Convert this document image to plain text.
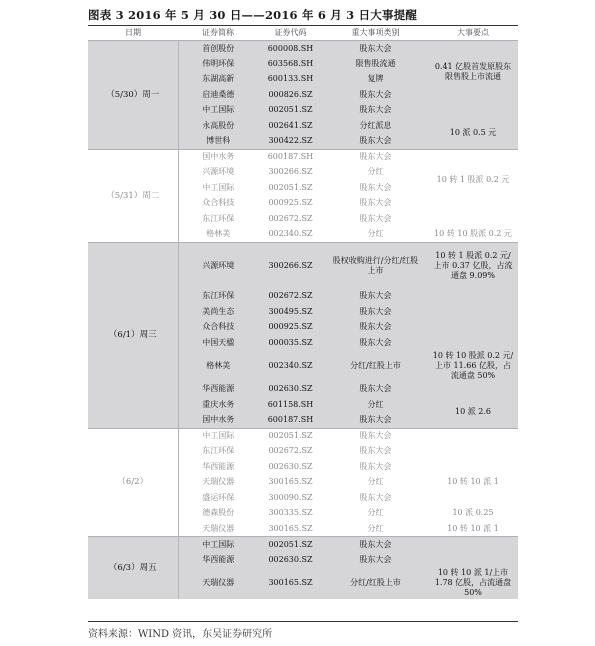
图表 3 2016 年 5 月 30 日——2016 年 6 月 3 日大事提醒
日期	证券简称	证券代码	重大事项类别	大事要点
（5/30）周一	首创股份	600008.SH	股东大会	
	伟明环保	603568.SH	限售股流通	0.41 亿股首发原股东限售股上市流通
	东湖高新	600133.SH	复牌	
	启迪桑德	000826.SZ	股东大会	
	中工国际	002051.SZ	股东大会	
	永高股份	002641.SZ	分红派息	10 派 0.5 元
	博世科	300422.SZ	股东大会	
（5/31）周二	国中水务	600187.SH	股东大会	
	兴源环境	300266.SZ	分红	10 转 1 股派 0.2 元
	中工国际	002051.SZ	股东大会	
	众合科技	000925.SZ	股东大会	
	东江环保	002672.SZ	股东大会	
	格林美	002340.SZ	分红	10 转 10 股派 0.2 元
（6/1）周三	兴源环境	300266.SZ	股权收购进行/分红/红股上市	10 转 1 股派 0.2 元/上市 0.37 亿股，占流通盘 9.09%
	东江环保	002672.SZ	股东大会	
	美尚生态	300495.SZ	股东大会	
	众合科技	000925.SZ	股东大会	
	中国天楹	000035.SZ	股东大会	
	格林美	002340.SZ	分红/红股上市	10 转 10 股派 0.2 元/上市 11.66 亿股，占流通盘 50%
	华西能源	002630.SZ	股东大会	
	重庆水务	601158.SH	分红	10 派 2.6
	国中水务	600187.SH	股东大会	
（6/2）	中工国际	002051.SZ	股东大会	
	东江环保	002672.SZ	股东大会	
	华西能源	002630.SZ	股东大会	
	天瑞仪器	300165.SZ	分红	10 转 10 派 1
	盛运环保	300090.SZ	股东大会	
	德森股份	300335.SZ	分红	10 派 0.25
	天瑞仪器	300165.SZ	分红	10 转 10 派 1
（6/3）周五	中工国际	002051.SZ	股东大会	
	华西能源	002630.SZ	股东大会	
	天瑞仪器	300165.SZ	分红/红股上市	10 转 10 派 1/上市 1.78 亿股，占流通盘 50%
资料来源：WIND 资讯，东吴证券研究所
